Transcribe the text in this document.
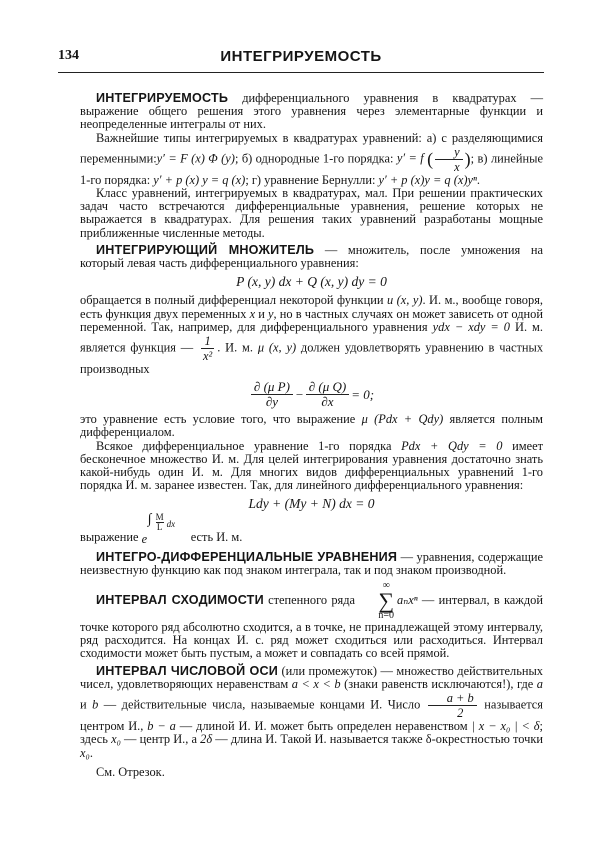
134	ИНТЕГРИРУЕМОСТЬ

ИНТЕГРИРУЕМОСТЬ дифференциального уравнения в квадратурах — выражение общего решения этого уравнения через элементарные функции и неопределенные интегралы от них.

Важнейшие типы интегрируемых в квадратурах уравнений: а) с разделяющимися переменными:y′ = F (x) Φ (y); б) однородные 1-го порядка: y′ = f ( $\frac{y}{x}$ ); в) линейные 1-го порядка: y′ + p (x) y = q (x); г) уравнение Бернулли: y′ + p (x)y = q (x)yⁿ.

Класс уравнений, интегрируемых в квадратурах, мал. При решении практических задач часто встречаются дифференциальные уравнения, решение которых не выражается в квадратурах. Для решения таких уравнений разработаны мощные приближенные численные методы.

ИНТЕГРИРУЮЩИЙ МНОЖИТЕЛЬ — множитель, после умножения на который левая часть дифференциального уравнения:

P (x, y) dx + Q (x, y) dy = 0

обращается в полный дифференциал некоторой функции u (x, y). И. м., вообще говоря, есть функция двух переменных x и y, но в частных случаях он может зависеть от одной переменной. Так, например, для дифференциального уравнения ydx − xdy = 0 И. м. является функция — $\frac{1}{\text{x²}}$ . И. м. μ (x, y) должен удовлетворять уравнению в частных производных

∂ (μ P)
$\partial y - \frac{\text{∂ (μ Q)}}{\partial x} = 0$;

это уравнение есть условие того, что выражение μ (Pdx + Qdy) является полным дифференциалом.

Всякое дифференциальное уравнение 1-го порядка Pdx + Qdy = 0 имеет бесконечное множество И. м. Для целей интегрирования уравнения достаточно знать какой-нибудь один И. м. Для многих видов дифференциальных уравнений 1-го порядка И. м. заранее известен. Так, для линейного дифференциального уравнения:

Ldy + (My + N) dx = 0

выражение e
∫ M
L dx
есть И. м.

ИНТЕГРО-ДИФФЕРЕНЦИАЛЬНЫЕ УРАВНЕНИЯ — уравнения, содержащие неизвестную функцию как под знаком интеграла, так и под знаком производной.

ИНТЕРВАЛ СХОДИМОСТИ степенного ряда
∞
∑
n=0
aₙxⁿ — интервал, в каждой точке которого ряд абсолютно сходится, а в точке, не принадлежащей этому интервалу, ряд расходится. На концах И. с. ряд может сходиться или расходиться. Интервал сходимости может быть пустым, а может и совпадать со всей прямой.

ИНТЕРВАЛ ЧИСЛОВОЙ ОСИ (или промежуток) — множество действительных чисел, удовлетворяющих неравенствам a < x < b (знаки равенств исключаются!), где a и b — действительные числа, называемые концами И. Число $\frac{a + b}{2}$ называется центром И., b − a — длиной И. И. может быть определен неравенством | x − x₀ | < δ; здесь x₀ — центр И., а 2δ — длина И. Такой И. называется также δ-окрестностью точки x₀.

См. Отрезок.
